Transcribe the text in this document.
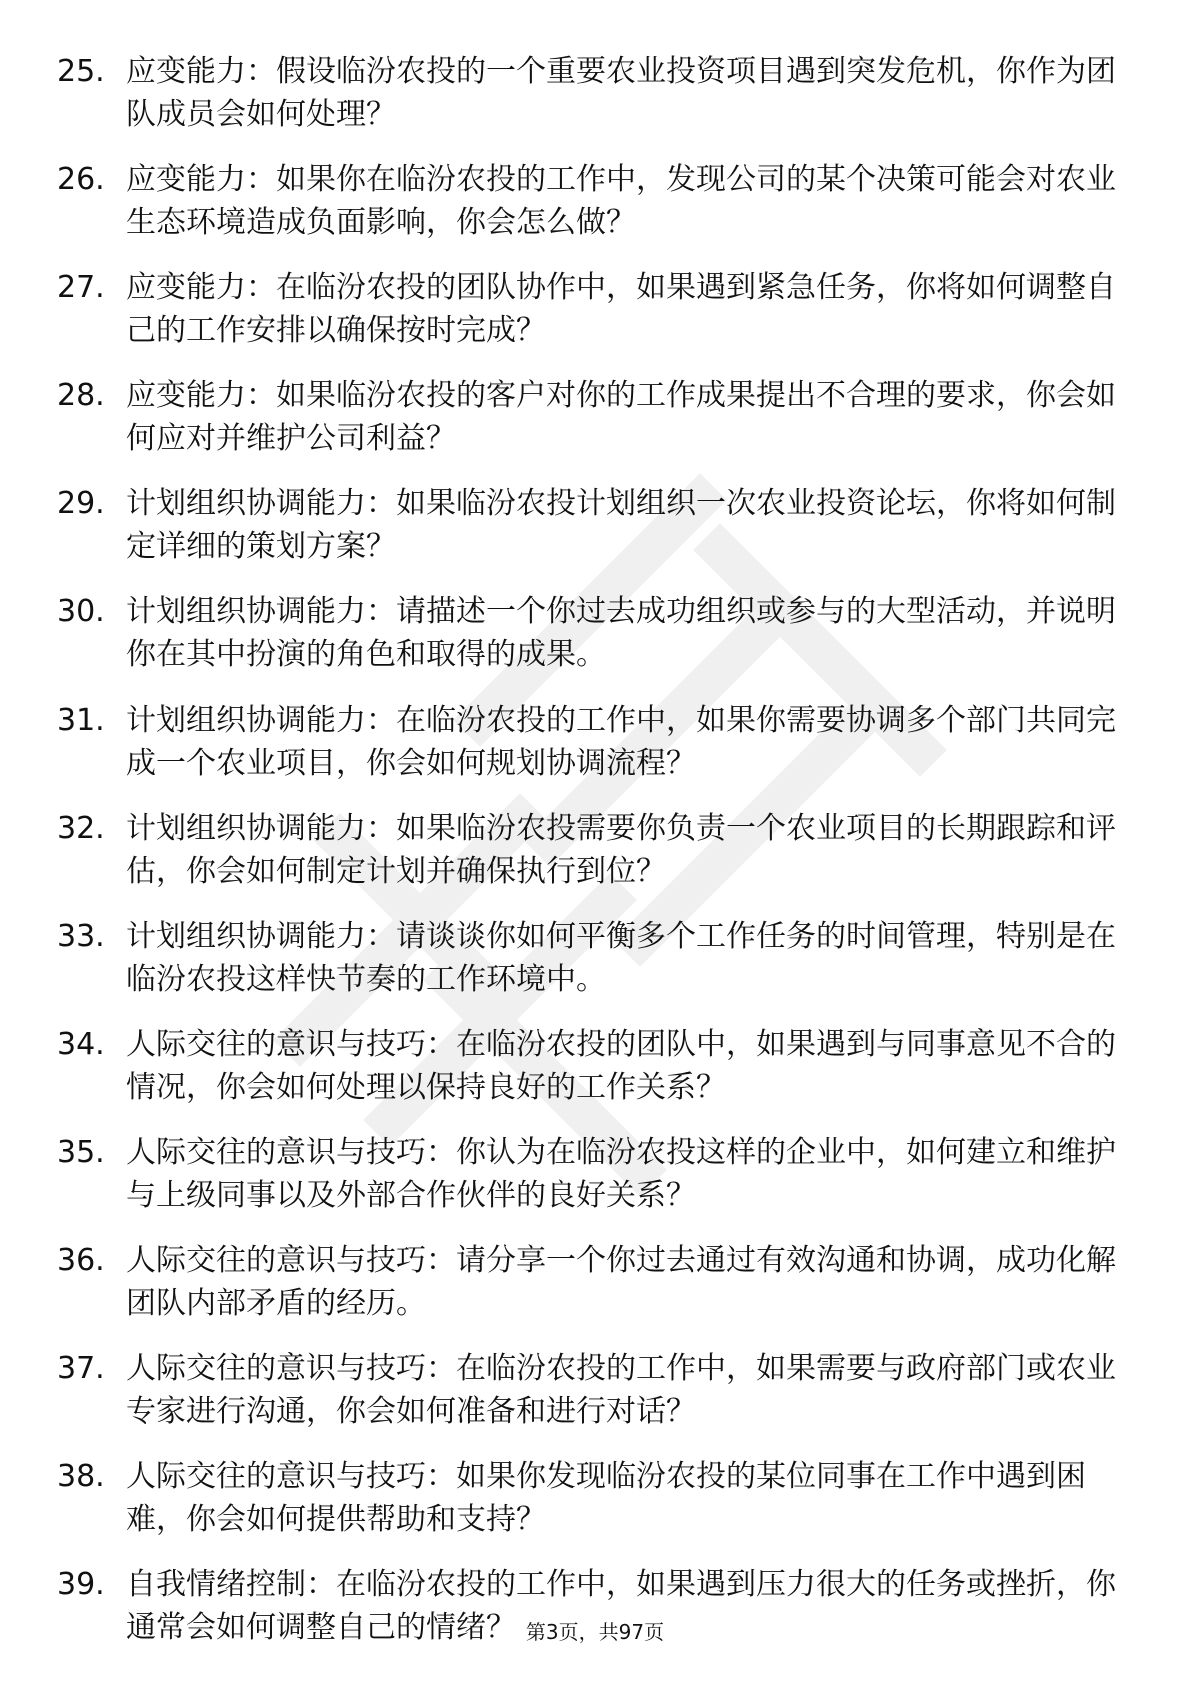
25. 应变能力：假设临汾农投的一个重要农业投资项目遇到突发危机，你作为团队成员会如何处理？
26. 应变能力：如果你在临汾农投的工作中，发现公司的某个决策可能会对农业生态环境造成负面影响，你会怎么做？
27. 应变能力：在临汾农投的团队协作中，如果遇到紧急任务，你将如何调整自己的工作安排以确保按时完成？
28. 应变能力：如果临汾农投的客户对你的工作成果提出不合理的要求，你会如何应对并维护公司利益？
29. 计划组织协调能力：如果临汾农投计划组织一次农业投资论坛，你将如何制定详细的策划方案？
30. 计划组织协调能力：请描述一个你过去成功组织或参与的大型活动，并说明你在其中扮演的角色和取得的成果。
31. 计划组织协调能力：在临汾农投的工作中，如果你需要协调多个部门共同完成一个农业项目，你会如何规划协调流程？
32. 计划组织协调能力：如果临汾农投需要你负责一个农业项目的长期跟踪和评估，你会如何制定计划并确保执行到位？
33. 计划组织协调能力：请谈谈你如何平衡多个工作任务的时间管理，特别是在临汾农投这样快节奏的工作环境中。
34. 人际交往的意识与技巧：在临汾农投的团队中，如果遇到与同事意见不合的情况，你会如何处理以保持良好的工作关系？
35. 人际交往的意识与技巧：你认为在临汾农投这样的企业中，如何建立和维护与上级同事以及外部合作伙伴的良好关系？
36. 人际交往的意识与技巧：请分享一个你过去通过有效沟通和协调，成功化解团队内部矛盾的经历。
37. 人际交往的意识与技巧：在临汾农投的工作中，如果需要与政府部门或农业专家进行沟通，你会如何准备和进行对话？
38. 人际交往的意识与技巧：如果你发现临汾农投的某位同事在工作中遇到困难，你会如何提供帮助和支持？
39. 自我情绪控制：在临汾农投的工作中，如果遇到压力很大的任务或挫折，你通常会如何调整自己的情绪？ 第3页，共97页
